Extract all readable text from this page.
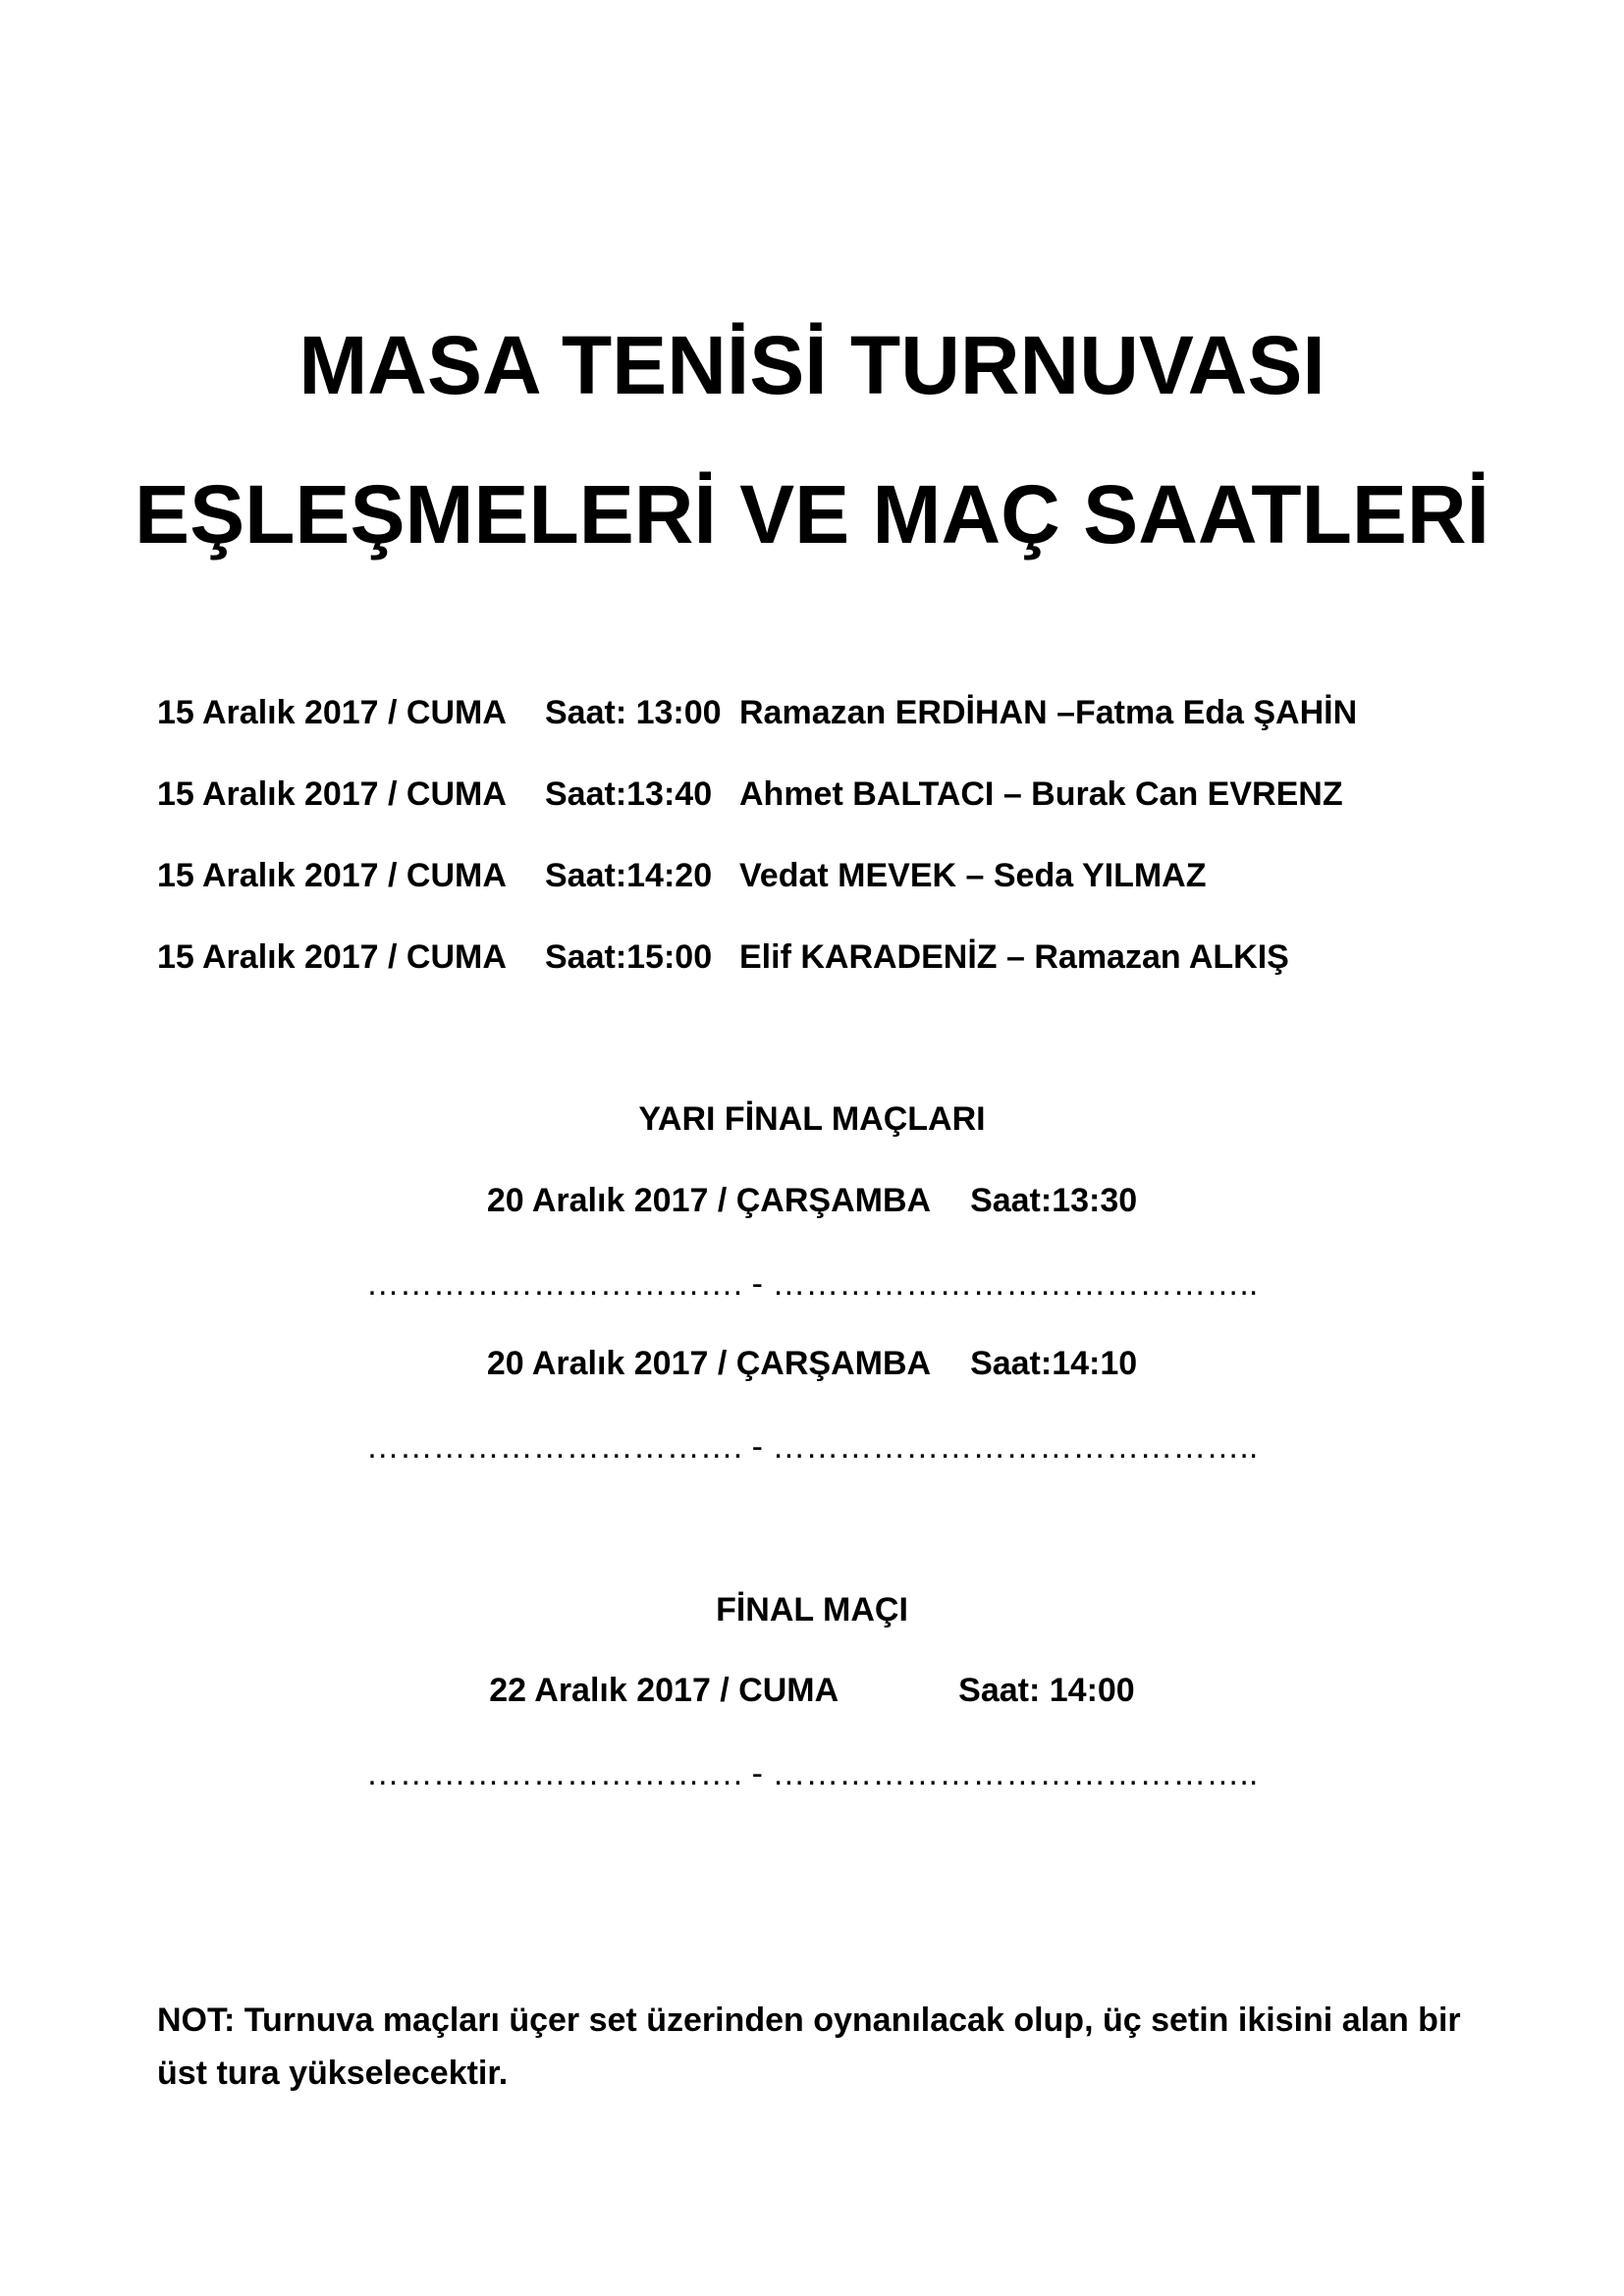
MASA TENİSİ TURNUVASI
EŞLEŞMELERİ VE MAÇ SAATLERİ
15 Aralık 2017 / CUMA Saat: 13:00 Ramazan ERDİHAN –Fatma Eda ŞAHİN
15 Aralık 2017 / CUMA Saat:13:40 Ahmet BALTACI – Burak Can EVRENZ
15 Aralık 2017 / CUMA Saat:14:20 Vedat MEVEK – Seda YILMAZ
15 Aralık 2017 / CUMA Saat:15:00 Elif KARADENİZ – Ramazan ALKIŞ
YARI FİNAL MAÇLARI
20 Aralık 2017 / ÇARŞAMBA Saat:13:30
……………………………. - ……………………………………..
20 Aralık 2017 / ÇARŞAMBA Saat:14:10
……………………………. - ……………………………………..
FİNAL MAÇI
22 Aralık 2017 / CUMA	Saat: 14:00
……………………………. - ……………………………………..
NOT: Turnuva maçları üçer set üzerinden oynanılacak olup, üç setin ikisini alan bir üst tura yükselecektir.
